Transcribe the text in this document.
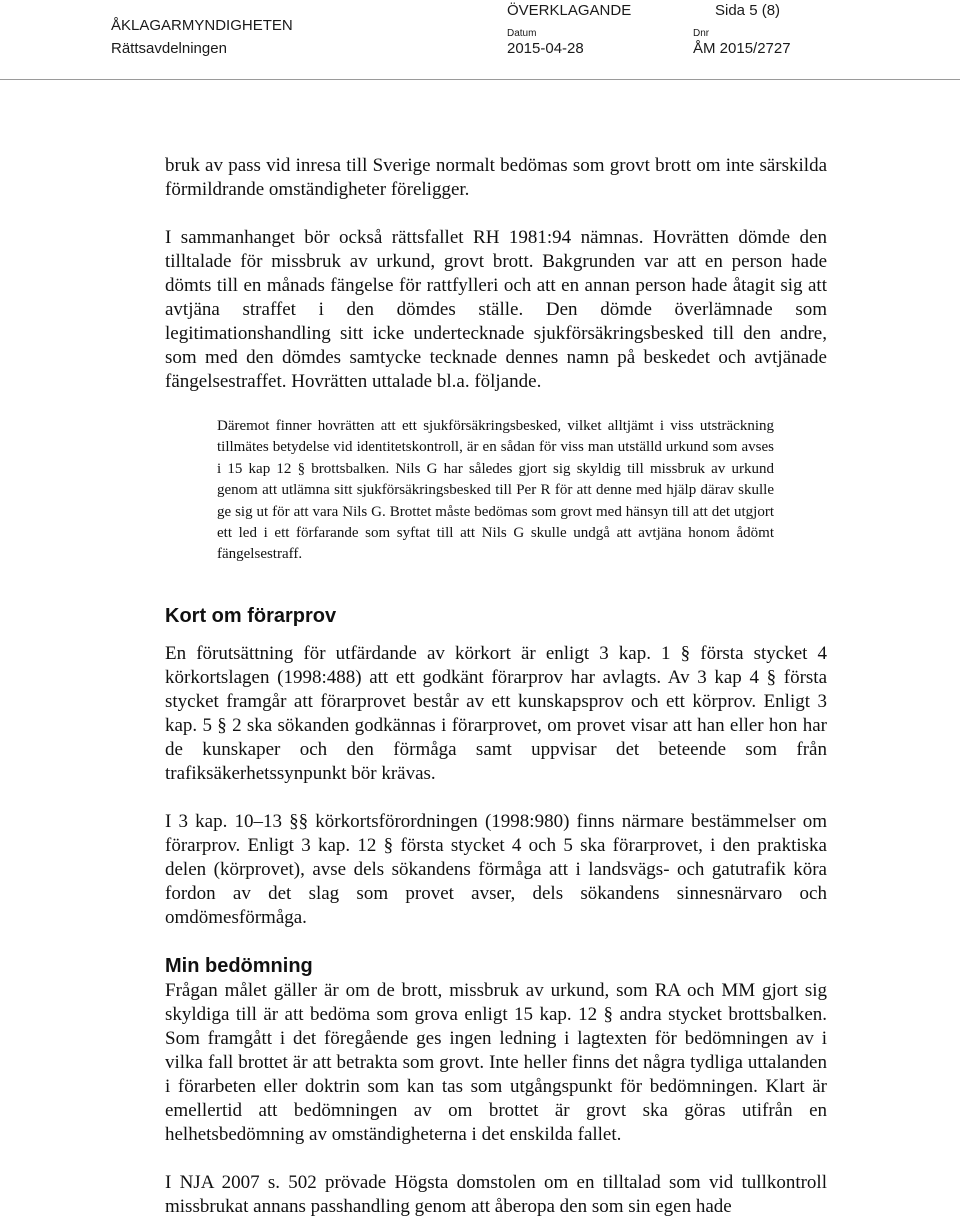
ÅKLAGARMYNDIGHETEN
Rättsavdelningen
ÖVERKLAGANDE
Datum
2015-04-28
Sida 5 (8)
Dnr
ÅM 2015/2727

bruk av pass vid inresa till Sverige normalt bedömas som grovt brott om inte särskilda förmildrande omständigheter föreligger.

I sammanhanget bör också rättsfallet RH 1981:94 nämnas. Hovrätten dömde den tilltalade för missbruk av urkund, grovt brott. Bakgrunden var att en person hade dömts till en månads fängelse för rattfylleri och att en annan person hade åtagit sig att avtjäna straffet i den dömdes ställe. Den dömde överlämnade som legitimationshandling sitt icke undertecknade sjukförsäkringsbesked till den andre, som med den dömdes samtycke tecknade dennes namn på beskedet och avtjänade fängelsestraffet. Hovrätten uttalade bl.a. följande.

Däremot finner hovrätten att ett sjukförsäkringsbesked, vilket alltjämt i viss utsträckning tillmätes betydelse vid identitetskontroll, är en sådan för viss man utställd urkund som avses i 15 kap 12 § brottsbalken. Nils G har således gjort sig skyldig till missbruk av urkund genom att utlämna sitt sjukförsäkringsbesked till Per R för att denne med hjälp därav skulle ge sig ut för att vara Nils G. Brottet måste bedömas som grovt med hänsyn till att det utgjort ett led i ett förfarande som syftat till att Nils G skulle undgå att avtjäna honom ådömt fängelsestraff.

Kort om förarprov

En förutsättning för utfärdande av körkort är enligt 3 kap. 1 § första stycket 4 körkortslagen (1998:488) att ett godkänt förarprov har avlagts. Av 3 kap 4 § första stycket framgår att förarprovet består av ett kunskapsprov och ett körprov. Enligt 3 kap. 5 § 2 ska sökanden godkännas i förarprovet, om provet visar att han eller hon har de kunskaper och den förmåga samt uppvisar det beteende som från trafiksäkerhetssynpunkt bör krävas.

I 3 kap. 10–13 §§ körkortsförordningen (1998:980) finns närmare bestämmelser om förarprov. Enligt 3 kap. 12 § första stycket 4 och 5 ska förarprovet, i den praktiska delen (körprovet), avse dels sökandens förmåga att i landsvägs- och gatutrafik köra fordon av det slag som provet avser, dels sökandens sinnesnärvaro och omdömesförmåga.

Min bedömning

Frågan målet gäller är om de brott, missbruk av urkund, som RA och MM gjort sig skyldiga till är att bedöma som grova enligt 15 kap. 12 § andra stycket brottsbalken. Som framgått i det föregående ges ingen ledning i lagtexten för bedömningen av i vilka fall brottet är att betrakta som grovt. Inte heller finns det några tydliga uttalanden i förarbeten eller doktrin som kan tas som utgångspunkt för bedömningen. Klart är emellertid att bedömningen av om brottet är grovt ska göras utifrån en helhetsbedömning av omständigheterna i det enskilda fallet.

I NJA 2007 s. 502 prövade Högsta domstolen om en tilltalad som vid tullkontroll missbrukat annans passhandling genom att åberopa den som sin egen hade
